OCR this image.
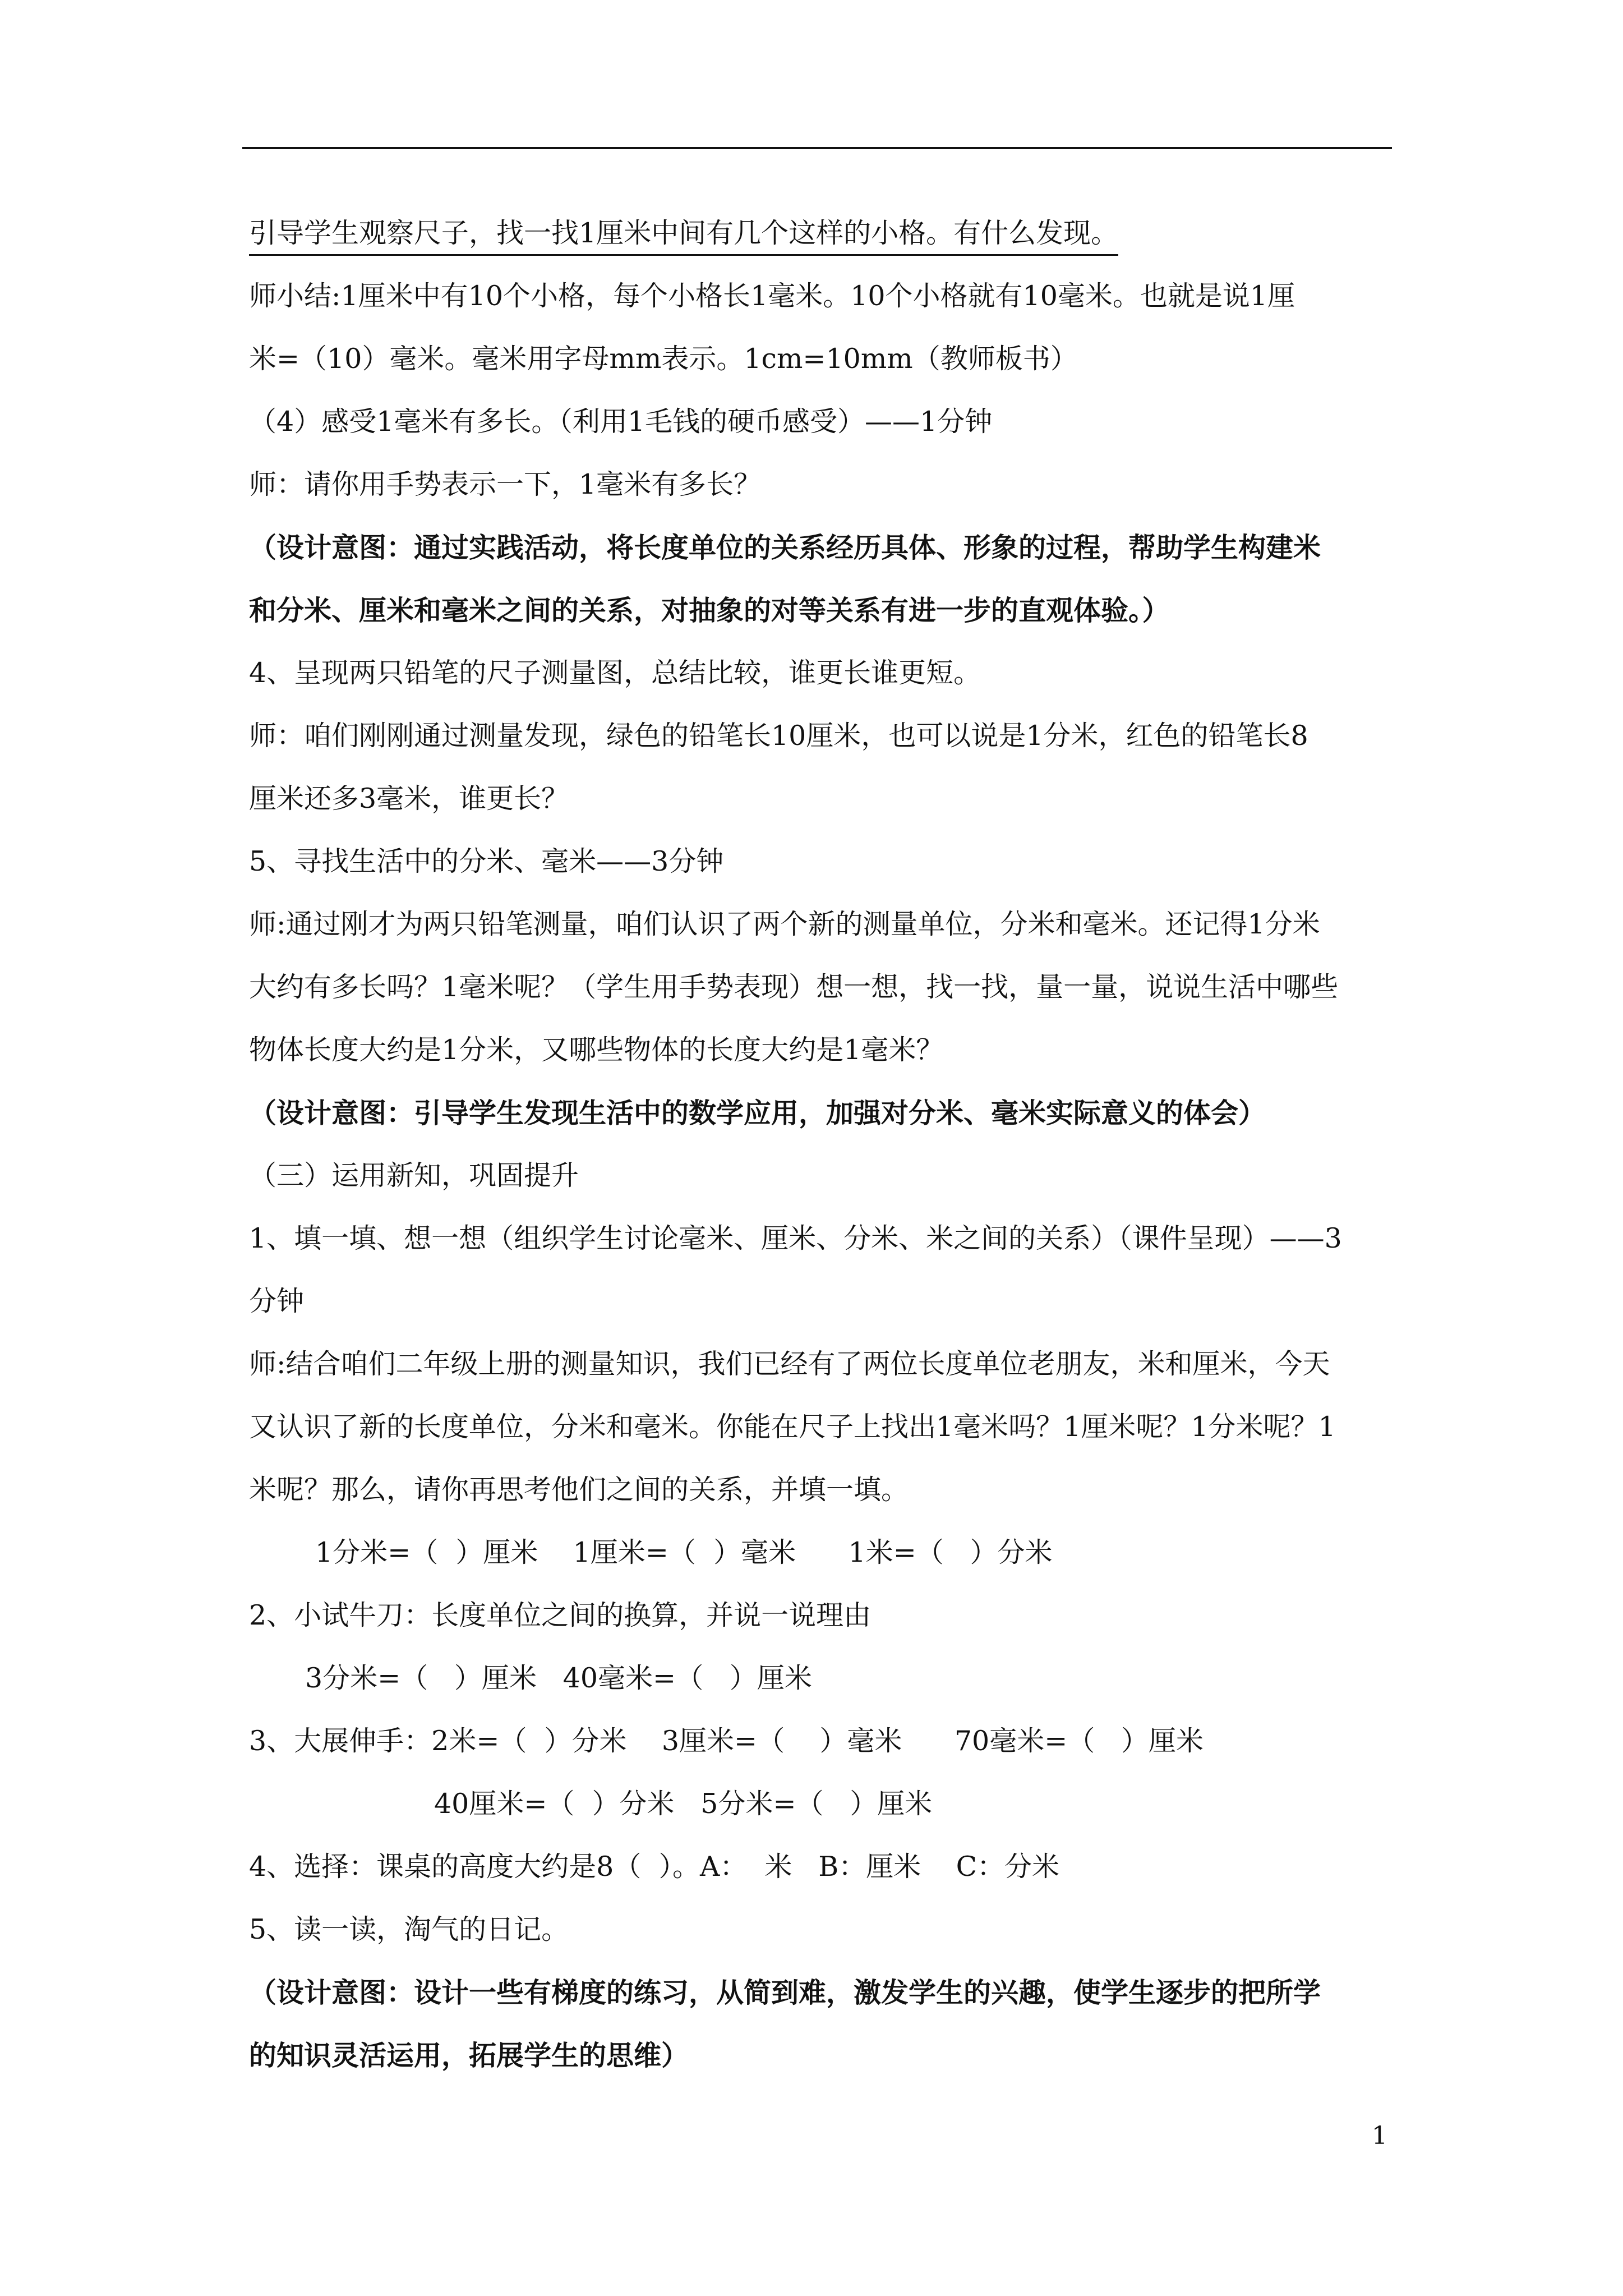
引导学生观察尺子，找一找1厘米中间有几个这样的小格。有什么发现。
师小结:1厘米中有10个小格，每个小格长1毫米。10个小格就有10毫米。也就是说1厘
米=（10）毫米。毫米用字母mm表示。1cm=10mm（教师板书）
（4）感受1毫米有多长。（利用1毛钱的硬币感受）——1分钟
师：请你用手势表示一下，1毫米有多长？
（设计意图：通过实践活动，将长度单位的关系经历具体、形象的过程，帮助学生构建米
和分米、厘米和毫米之间的关系，对抽象的对等关系有进一步的直观体验。）
4、呈现两只铅笔的尺子测量图，总结比较，谁更长谁更短。
师：咱们刚刚通过测量发现，绿色的铅笔长10厘米，也可以说是1分米，红色的铅笔长8
厘米还多3毫米，谁更长？
5、寻找生活中的分米、毫米——3分钟
师:通过刚才为两只铅笔测量，咱们认识了两个新的测量单位，分米和毫米。还记得1分米
大约有多长吗？1毫米呢？（学生用手势表现）想一想，找一找，量一量，说说生活中哪些
物体长度大约是1分米，又哪些物体的长度大约是1毫米？
（设计意图：引导学生发现生活中的数学应用，加强对分米、毫米实际意义的体会）
（三）运用新知，巩固提升
1、填一填、想一想（组织学生讨论毫米、厘米、分米、米之间的关系）（课件呈现）——3
分钟
师:结合咱们二年级上册的测量知识，我们已经有了两位长度单位老朋友，米和厘米，今天
又认识了新的长度单位，分米和毫米。你能在尺子上找出1毫米吗？1厘米呢？1分米呢？1
米呢？那么，请你再思考他们之间的关系，并填一填。
1分米=（  ）厘米    1厘米=（  ）毫米      1米=（   ）分米
2、小试牛刀：长度单位之间的换算，并说一说理由
3分米=（   ）厘米   40毫米=（   ）厘米
3、大展伸手：2米=（  ）分米    3厘米=（    ）毫米      70毫米=（   ）厘米
40厘米=（  ）分米   5分米=（   ）厘米
4、选择：课桌的高度大约是8（  ）。A：  米   B：厘米    C：分米
5、读一读，淘气的日记。
（设计意图：设计一些有梯度的练习，从简到难，激发学生的兴趣，使学生逐步的把所学
的知识灵活运用，拓展学生的思维）
1
